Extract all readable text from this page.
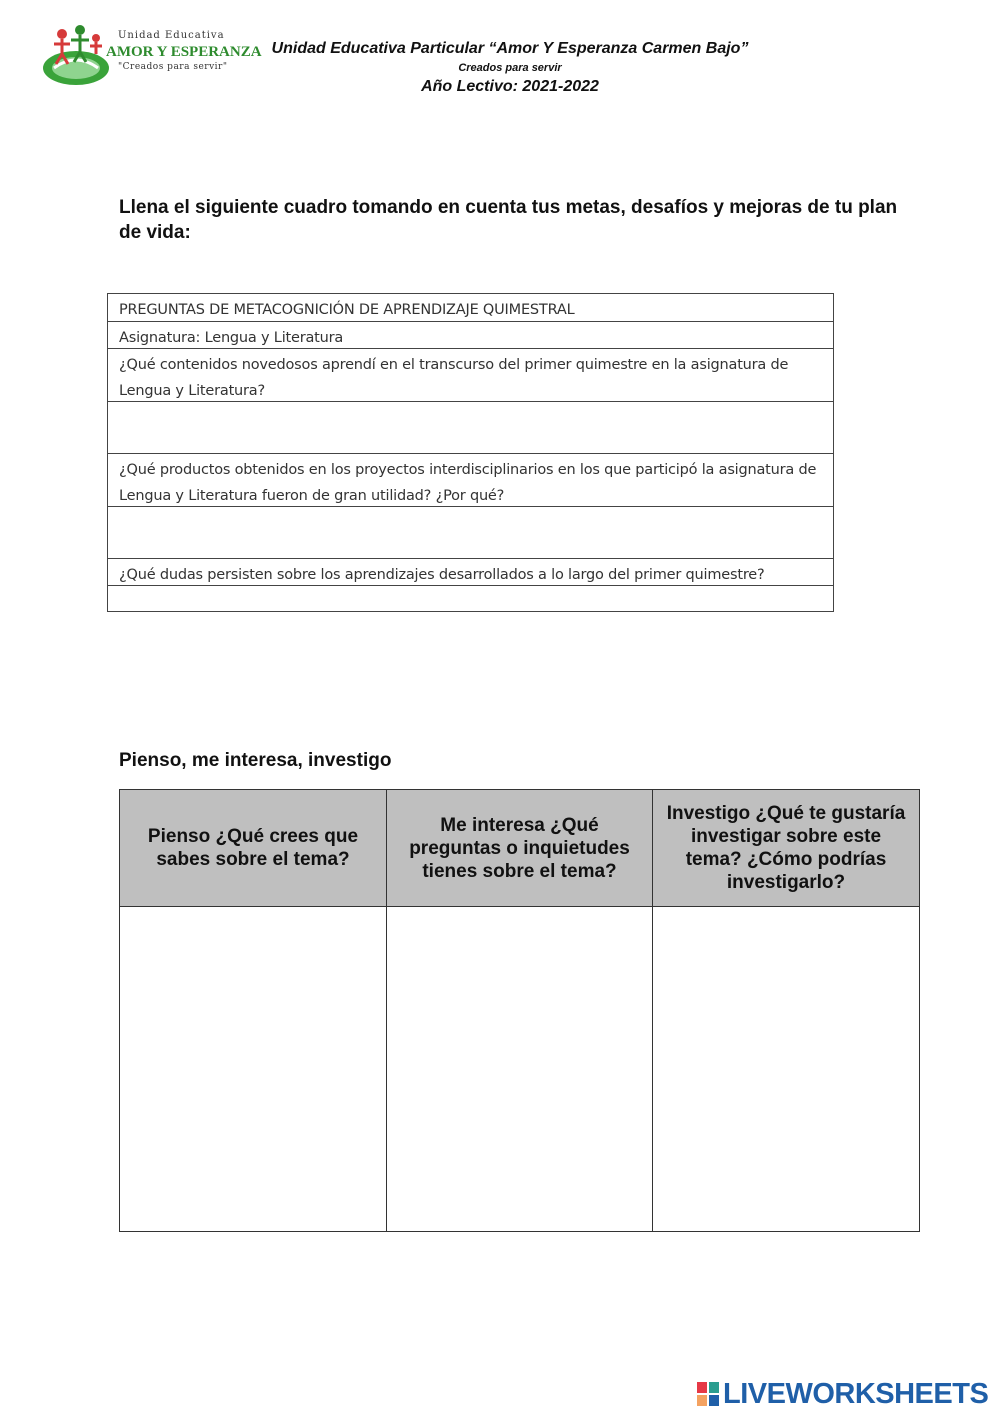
Unidad Educativa
AMOR Y ESPERANZA
"Creados para servir"
Unidad Educativa Particular “Amor Y Esperanza Carmen Bajo”
Creados para servir
Año Lectivo: 2021-2022
Llena el siguiente cuadro tomando en cuenta tus metas, desafíos y mejoras de tu plan de vida:
PREGUNTAS DE METACOGNICIÓN DE APRENDIZAJE QUIMESTRAL
Asignatura: Lengua y Literatura
¿Qué contenidos novedosos aprendí en el transcurso del primer quimestre en la asignatura de Lengua y Literatura?
¿Qué productos obtenidos en los proyectos interdisciplinarios en los que participó la asignatura de Lengua y Literatura fueron de gran utilidad? ¿Por qué?
¿Qué dudas persisten sobre los aprendizajes desarrollados a lo largo del primer quimestre?
Pienso, me interesa, investigo
Pienso ¿Qué crees que sabes sobre el tema?
Me interesa ¿Qué preguntas o inquietudes tienes sobre el tema?
Investigo ¿Qué te gustaría investigar sobre este tema? ¿Cómo podrías investigarlo?
LIVEWORKSHEETS
